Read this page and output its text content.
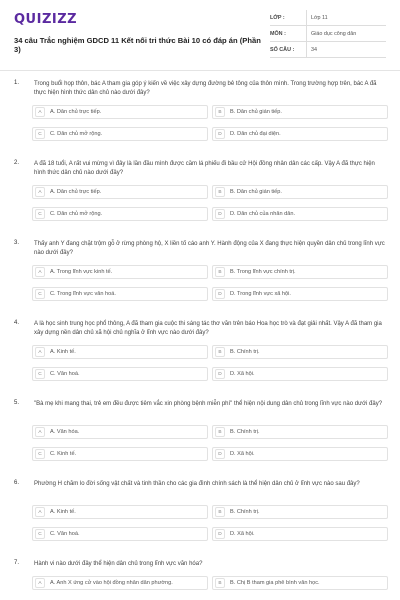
QUIZIZZ
34 câu Trắc nghiệm GDCD 11 Kết nối tri thức Bài 10 có đáp án (Phần 3)
LỚP :	Lớp 11
MÔN :	Giáo dục công dân
SỐ CÂU :	34
1. Trong buổi họp thôn, bác A tham gia góp ý kiến về việc xây dựng đường bê tông của thôn mình. Trong trường hợp trên, bác A đã thực hiện hình thức dân chủ nào dưới đây?
A	A. Dân chủ trực tiếp.	B	B. Dân chủ gián tiếp.
C	C. Dân chủ mở rộng.	D	D. Dân chủ đại diện.
2. A đã 18 tuổi, A rất vui mừng vì đây là lần đầu mình được cầm lá phiếu đi bầu cử Hội đồng nhân dân các cấp. Vậy A đã thực hiện hình thức dân chủ nào dưới đây?
A	A. Dân chủ trực tiếp.	B	B. Dân chủ gián tiếp.
C	C. Dân chủ mở rộng.	D	D. Dân chủ của nhân dân.
3. Thấy anh Y đang chặt trộm gỗ ở rừng phòng hộ, X liền tố cáo anh Y. Hành động của X đang thực hiện quyền dân chủ trong lĩnh vực nào dưới đây?
A	A. Trong lĩnh vực kinh tế.	B	B. Trong lĩnh vực chính trị.
C	C. Trong lĩnh vực văn hoá.	D	D. Trong lĩnh vực xã hội.
4. A là học sinh trung học phổ thông, A đã tham gia cuộc thi sáng tác thơ văn trên báo Hoa học trò và đạt giải nhất. Vậy A đã tham gia xây dựng nền dân chủ xã hội chủ nghĩa ở lĩnh vực nào dưới đây?
A	A. Kinh tế.	B	B. Chính trị.
C	C. Văn hoá.	D	D. Xã hội.
5. "Bà mẹ khi mang thai, trẻ em đều được tiêm vắc xin phòng bệnh miễn phí" thể hiện nội dung dân chủ trong lĩnh vực nào dưới đây?
A	A. Văn hóa.	B	B. Chính trị.
C	C. Kinh tế.	D	D. Xã hội.
6. Phường H chăm lo đời sống vật chất và tinh thần cho các gia đình chính sách là thể hiện dân chủ ở lĩnh vực nào sau đây?
A	A. Kinh tế.	B	B. Chính trị.
C	C. Văn hoá.	D	D. Xã hội.
7. Hành vi nào dưới đây thể hiện dân chủ trong lĩnh vực văn hóa?
A	A. Anh X ứng cử vào hội đồng nhân dân phường.	B	B. Chị B tham gia phê bình văn học.
